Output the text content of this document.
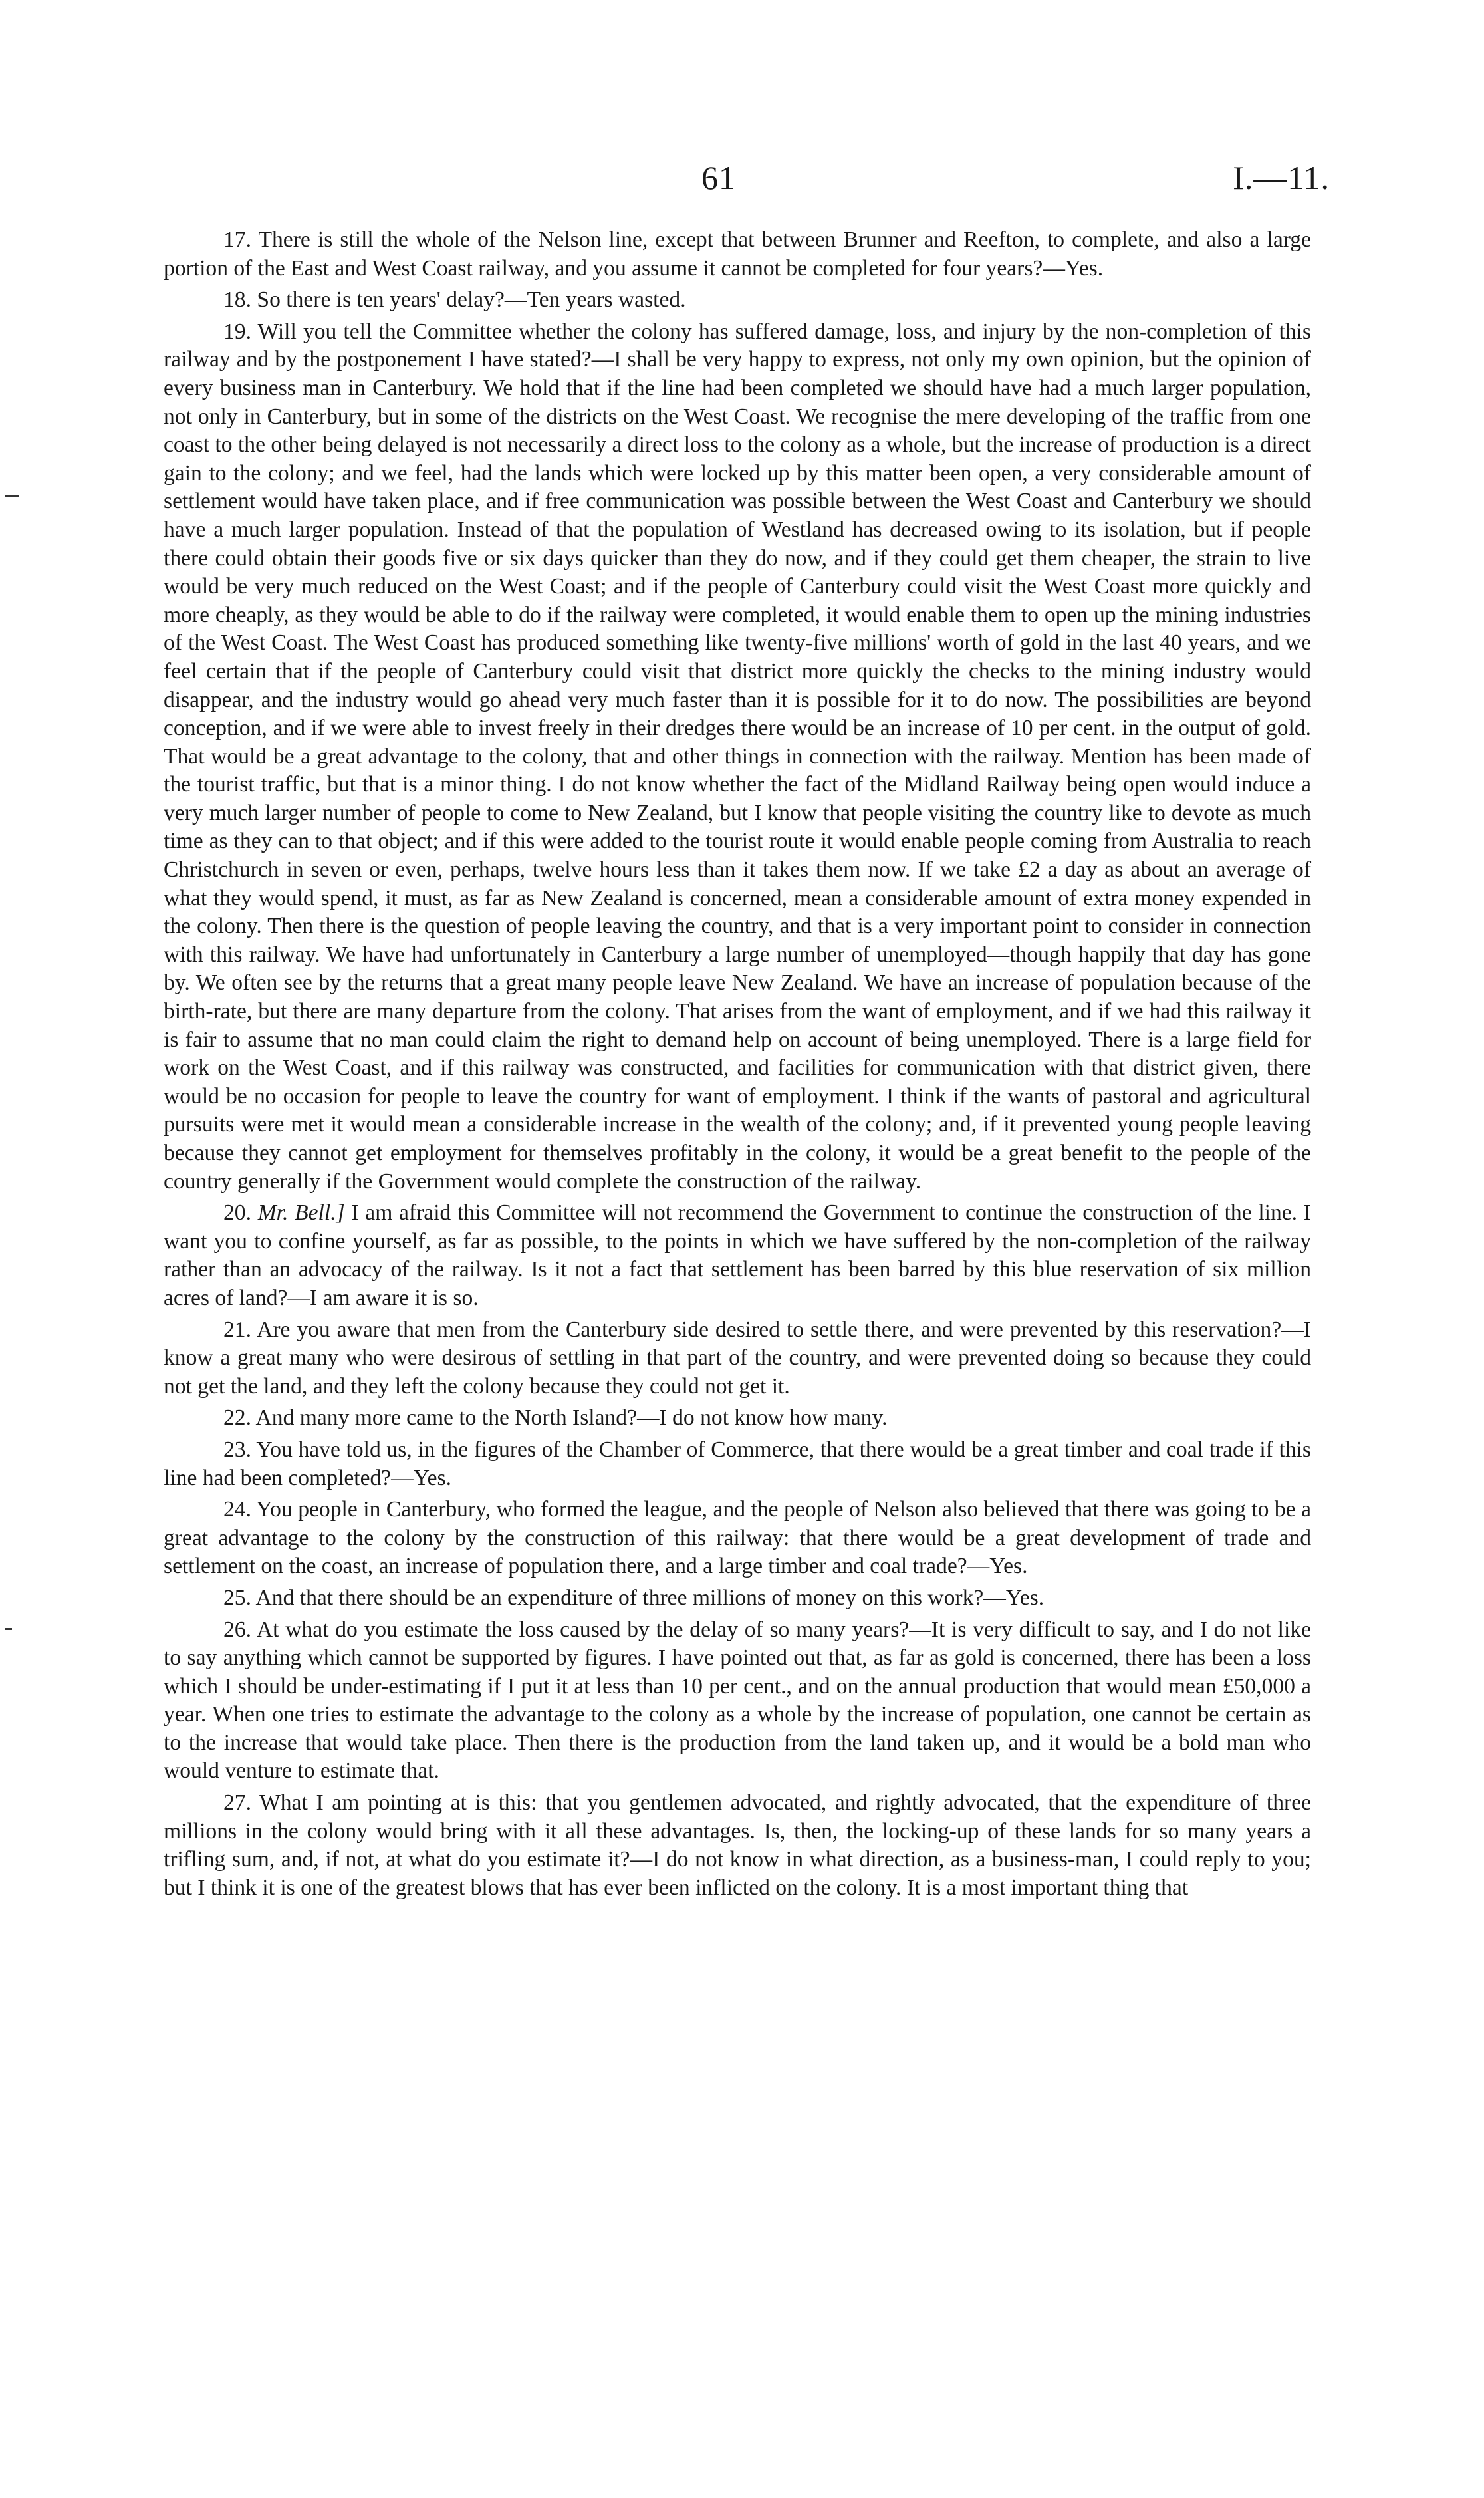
61	I.—11.

17. There is still the whole of the Nelson line, except that between Brunner and Reefton, to complete, and also a large portion of the East and West Coast railway, and you assume it cannot be completed for four years?—Yes.

18. So there is ten years' delay?—Ten years wasted.

19. Will you tell the Committee whether the colony has suffered damage, loss, and injury by the non-completion of this railway and by the postponement I have stated?—I shall be very happy to express, not only my own opinion, but the opinion of every business man in Canterbury. We hold that if the line had been completed we should have had a much larger population, not only in Canterbury, but in some of the districts on the West Coast. We recognise the mere developing of the traffic from one coast to the other being delayed is not necessarily a direct loss to the colony as a whole, but the increase of production is a direct gain to the colony; and we feel, had the lands which were locked up by this matter been open, a very considerable amount of settlement would have taken place, and if free communication was possible between the West Coast and Canterbury we should have a much larger population. Instead of that the population of Westland has decreased owing to its isolation, but if people there could obtain their goods five or six days quicker than they do now, and if they could get them cheaper, the strain to live would be very much reduced on the West Coast; and if the people of Canterbury could visit the West Coast more quickly and more cheaply, as they would be able to do if the railway were completed, it would enable them to open up the mining industries of the West Coast. The West Coast has produced something like twenty-five millions' worth of gold in the last 40 years, and we feel certain that if the people of Canterbury could visit that district more quickly the checks to the mining industry would disappear, and the industry would go ahead very much faster than it is possible for it to do now. The possibilities are beyond conception, and if we were able to invest freely in their dredges there would be an increase of 10 per cent. in the output of gold. That would be a great advantage to the colony, that and other things in connection with the railway. Mention has been made of the tourist traffic, but that is a minor thing. I do not know whether the fact of the Midland Railway being open would induce a very much larger number of people to come to New Zealand, but I know that people visiting the country like to devote as much time as they can to that object; and if this were added to the tourist route it would enable people coming from Australia to reach Christchurch in seven or even, perhaps, twelve hours less than it takes them now. If we take £2 a day as about an average of what they would spend, it must, as far as New Zealand is concerned, mean a considerable amount of extra money expended in the colony. Then there is the question of people leaving the country, and that is a very important point to consider in connection with this railway. We have had unfortunately in Canterbury a large number of unemployed—though happily that day has gone by. We often see by the returns that a great many people leave New Zealand. We have an increase of population because of the birth-rate, but there are many departure from the colony. That arises from the want of employment, and if we had this railway it is fair to assume that no man could claim the right to demand help on account of being unemployed. There is a large field for work on the West Coast, and if this railway was constructed, and facilities for communication with that district given, there would be no occasion for people to leave the country for want of employment. I think if the wants of pastoral and agricultural pursuits were met it would mean a considerable increase in the wealth of the colony; and, if it prevented young people leaving because they cannot get employment for themselves profitably in the colony, it would be a great benefit to the people of the country generally if the Government would complete the construction of the railway.

20. Mr. Bell.] I am afraid this Committee will not recommend the Government to continue the construction of the line. I want you to confine yourself, as far as possible, to the points in which we have suffered by the non-completion of the railway rather than an advocacy of the railway. Is it not a fact that settlement has been barred by this blue reservation of six million acres of land?—I am aware it is so.

21. Are you aware that men from the Canterbury side desired to settle there, and were prevented by this reservation?—I know a great many who were desirous of settling in that part of the country, and were prevented doing so because they could not get the land, and they left the colony because they could not get it.

22. And many more came to the North Island?—I do not know how many.

23. You have told us, in the figures of the Chamber of Commerce, that there would be a great timber and coal trade if this line had been completed?—Yes.

24. You people in Canterbury, who formed the league, and the people of Nelson also believed that there was going to be a great advantage to the colony by the construction of this railway: that there would be a great development of trade and settlement on the coast, an increase of population there, and a large timber and coal trade?—Yes.

25. And that there should be an expenditure of three millions of money on this work?—Yes.

26. At what do you estimate the loss caused by the delay of so many years?—It is very difficult to say, and I do not like to say anything which cannot be supported by figures. I have pointed out that, as far as gold is concerned, there has been a loss which I should be under-estimating if I put it at less than 10 per cent., and on the annual production that would mean £50,000 a year. When one tries to estimate the advantage to the colony as a whole by the increase of population, one cannot be certain as to the increase that would take place. Then there is the production from the land taken up, and it would be a bold man who would venture to estimate that.

27. What I am pointing at is this: that you gentlemen advocated, and rightly advocated, that the expenditure of three millions in the colony would bring with it all these advantages. Is, then, the locking-up of these lands for so many years a trifling sum, and, if not, at what do you estimate it?—I do not know in what direction, as a business-man, I could reply to you; but I think it is one of the greatest blows that has ever been inflicted on the colony. It is a most important thing that
